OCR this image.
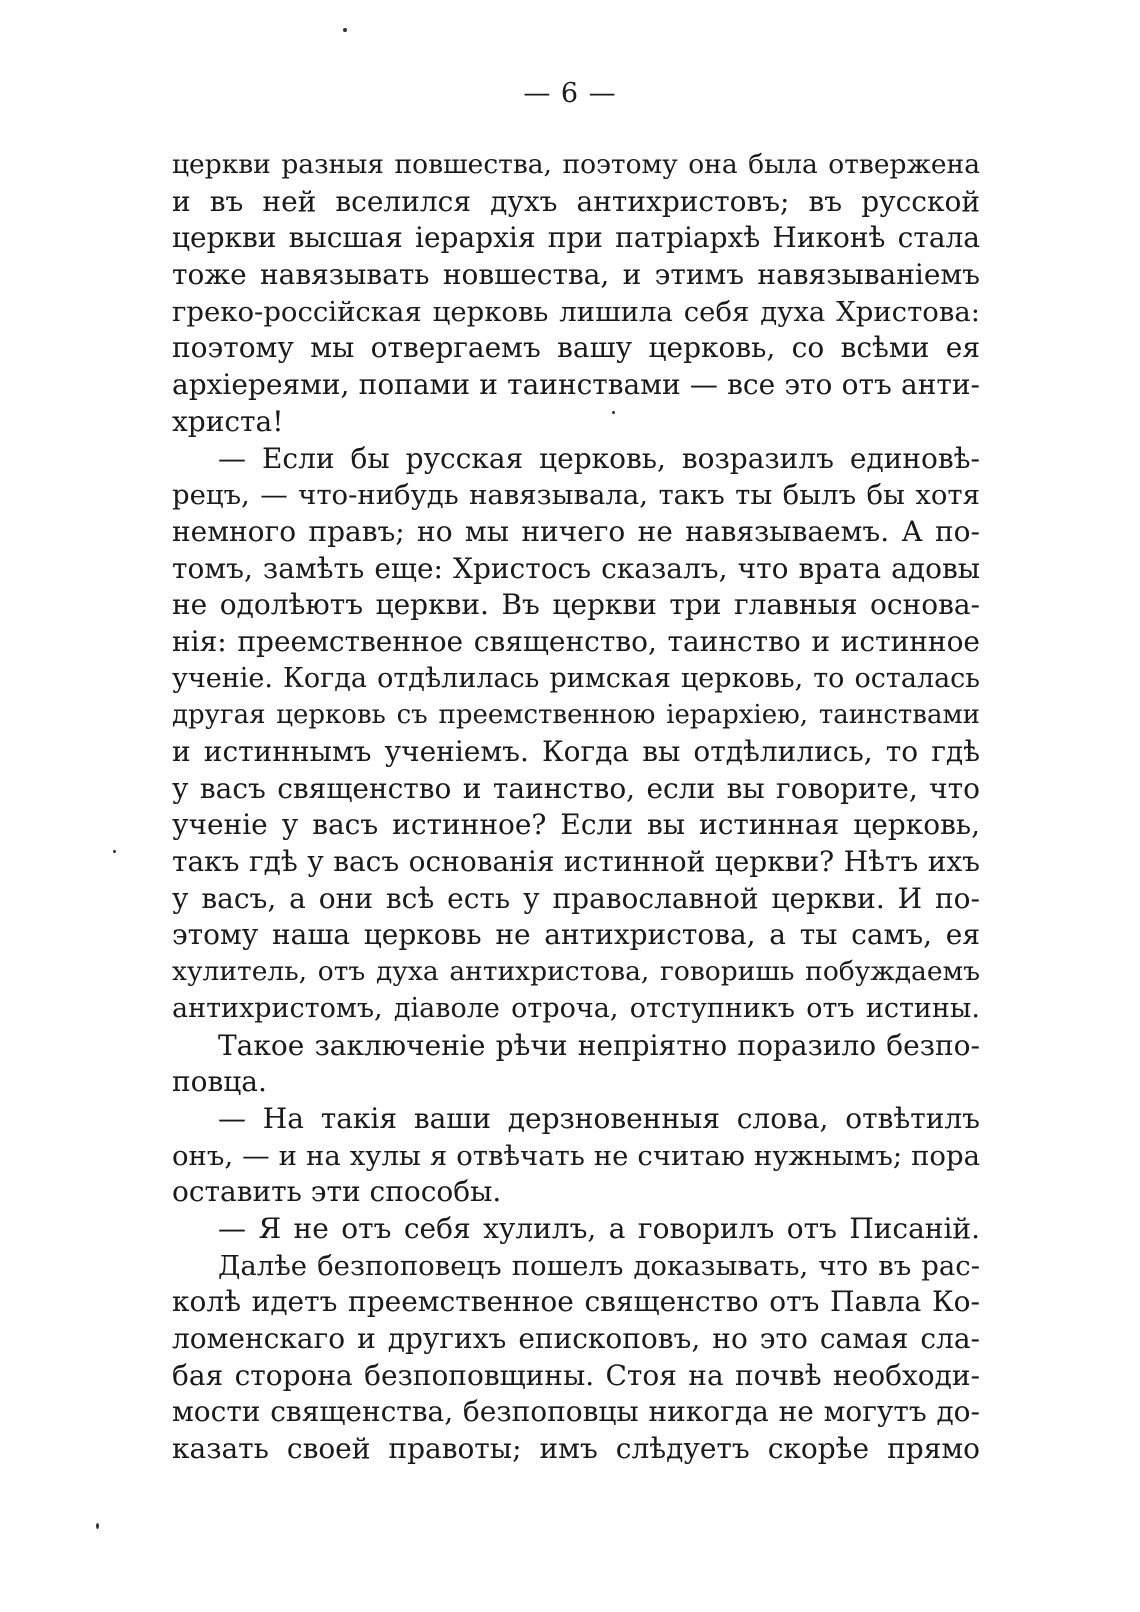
— 6 —
церкви разныя повшества, поэтому она была отвержена
и въ ней вселился духъ антихристовъ; въ русской
церкви высшая іерархія при патріархѣ Никонѣ стала
тоже навязывать новшества, и этимъ навязываніемъ
греко-россійская церковь лишила себя духа Христова:
поэтому мы отвергаемъ вашу церковь, со всѣми ея
архіереями, попами и таинствами — все это отъ анти-
христа!
— Если бы русская церковь, возразилъ единовѣ-
рецъ, — что-нибудь навязывала, такъ ты былъ бы хотя
немного правъ; но мы ничего не навязываемъ. А по-
томъ, замѣть еще: Христосъ сказалъ, что врата адовы
не одолѣютъ церкви. Въ церкви три главныя основа-
нія: преемственное священство, таинство и истинное
ученіе. Когда отдѣлилась римская церковь, то осталась
другая церковь съ преемственною іерархіею, таинствами
и истиннымъ ученіемъ. Когда вы отдѣлились, то гдѣ
у васъ священство и таинство, если вы говорите, что
ученіе у васъ истинное? Если вы истинная церковь,
такъ гдѣ у васъ основанія истинной церкви? Нѣтъ ихъ
у васъ, а они всѣ есть у православной церкви. И по-
этому наша церковь не антихристова, а ты самъ, ея
хулитель, отъ духа антихристова, говоришь побуждаемъ
антихристомъ, діаволе отроча, отступникъ отъ истины.
Такое заключеніе рѣчи непріятно поразило безпо-
повца.
— На такія ваши дерзновенныя слова, отвѣтилъ
онъ, — и на хулы я отвѣчать не считаю нужнымъ; пора
оставить эти способы.
— Я не отъ себя хулилъ, а говорилъ отъ Писаній.
Далѣе безпоповецъ пошелъ доказывать, что въ рас-
колѣ идетъ преемственное священство отъ Павла Ко-
ломенскаго и другихъ епископовъ, но это самая сла-
бая сторона безпоповщины. Стоя на почвѣ необходи-
мости священства, безпоповцы никогда не могутъ до-
казать своей правоты; имъ слѣдуетъ скорѣе прямо
